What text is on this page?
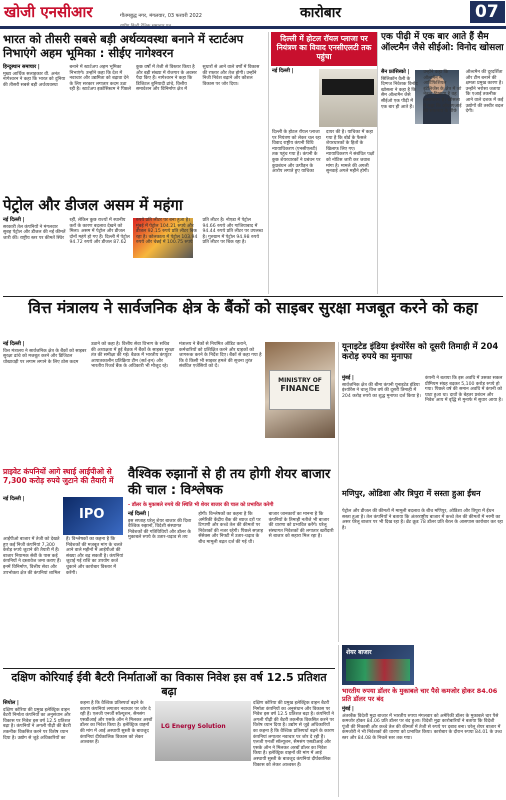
खोजी एनसीआर	गौतमबुद्ध नगर, मंगलवार, 03 फरवरी 2022	कारोबार	07
भारत को तीसरी सबसे बड़ी अर्थव्यवस्था बनाने में स्टार्टअप निभाएंगे अहम भूमिका : सीईए नागेश्वरन
हिन्दुस्थान समाचार |
मुख्य आर्थिक सलाहकार वी. अनंत नागेश्वरन ने कहा कि भारत को दुनिया की तीसरी सबसे बड़ी अर्थव्यवस्था बनाने में स्टार्टअप अहम भूमिका निभाएंगे। उन्होंने कहा कि देश में नवाचार और उद्यमिता को बढ़ावा देने के लिए सरकार लगातार कदम उठा रही है। स्टार्टअप इकोसिस्टम ने पिछले कुछ वर्षों में तेजी से विस्तार किया है और बड़ी संख्या में रोजगार के अवसर पैदा किए हैं। नागेश्वरन ने कहा कि डिजिटल बुनियादी ढांचे, वित्तीय समावेशन और विनिर्माण क्षेत्र में सुधारों से आने वाले वर्षों में विकास की रफ्तार और तेज होगी। उन्होंने निजी निवेश बढ़ाने और कौशल विकास पर जोर दिया।
दिल्ली में होटल रॉयल प्लाजा पर नियंत्रण का विवाद एनसीएलटी तक पहुंचा
नई दिल्ली |
दिल्ली के होटल रॉयल प्लाजा पर नियंत्रण को लेकर चल रहा विवाद राष्ट्रीय कंपनी विधि न्यायाधिकरण (एनसीएलटी) तक पहुंच गया है। कंपनी के कुछ शेयरधारकों ने प्रबंधन पर कुप्रबंधन और उत्पीड़न के आरोप लगाते हुए याचिका दायर की है। याचिका में कहा गया है कि बोर्ड के फैसले शेयरधारकों के हितों के खिलाफ लिए गए। न्यायाधिकरण ने संबंधित पक्षों को नोटिस जारी कर जवाब मांगा है। मामले की अगली सुनवाई अगले महीने होगी।
एक पीढ़ी में एक बार आते हैं सैम ऑल्टमैन जैसे सीईओ: विनोद खोसला
सैन फ्रांसिस्को |
सिलिकॉन वैली के दिग्गज निवेशक विनोद खोसला ने कहा है कि सैम ऑल्टमैन जैसे सीईओ एक पीढ़ी में एक बार ही आते हैं। उन्होंने कहा कि ऑल्टमैन ने आर्टिफिशियल इंटेलिजेंस के क्षेत्र में जो नेतृत्व दिखाया है वह असाधारण है। खोसला ने कहा कि ओपनएआई की सफलता के पीछे ऑल्टमैन की दूरदर्शिता और टीम बनाने की क्षमता प्रमुख कारण है। उन्होंने भरोसा जताया कि एआई तकनीक आने वाले दशक में कई उद्योगों की तस्वीर बदल देगी।
पेट्रोल और डीजल असम में महंगा
नई दिल्ली |
सरकारी तेल कंपनियों ने मंगलवार सुबह पेट्रोल और डीजल की नई कीमतें जारी कीं। राष्ट्रीय स्तर पर कीमतें स्थिर रहीं, लेकिन कुछ राज्यों में स्थानीय करों के कारण बदलाव देखने को मिला। असम में पेट्रोल और डीजल दोनों महंगे हो गए हैं। दिल्ली में पेट्रोल 94.72 रुपये और डीजल 87.62 रुपये प्रति लीटर पर बना हुआ है। मुंबई में पेट्रोल 104.21 रुपये और डीजल 92.15 रुपये प्रति लीटर बिक रहा है। कोलकाता में पेट्रोल 103.94 रुपये और चेन्नई में 100.75 रुपये प्रति लीटर है। नोएडा में पेट्रोल 94.66 रुपये और गाजियाबाद में 94.44 रुपये प्रति लीटर पर उपलब्ध है। गुरुग्राम में पेट्रोल 94.98 रुपये प्रति लीटर पर बिक रहा है।
वित्त मंत्रालय ने सार्वजनिक क्षेत्र के बैंकों को साइबर सुरक्षा मजबूत करने को कहा
नई दिल्ली |
वित्त मंत्रालय ने सार्वजनिक क्षेत्र के बैंकों को साइबर सुरक्षा ढांचे को मजबूत करने और डिजिटल धोखाधड़ी पर लगाम लगाने के लिए ठोस कदम उठाने को कहा है। वित्तीय सेवा विभाग के सचिव की अध्यक्षता में हुई बैठक में बैंकों के साइबर सुरक्षा तंत्र की समीक्षा की गई। बैठक में भारतीय कंप्यूटर आपातकालीन प्रतिक्रिया टीम (सर्ट-इन) और भारतीय रिजर्व बैंक के अधिकारी भी मौजूद रहे। मंत्रालय ने बैंकों से नियमित ऑडिट कराने, कर्मचारियों को प्रशिक्षित करने और ग्राहकों को जागरूक करने के निर्देश दिए। बैंकों से कहा गया है कि वे किसी भी साइबर हमले की सूचना तुरंत संबंधित एजेंसियों को दें।
MINISTRY OF
FINANCE
यूनाइटेड इंडिया इंश्योरेंस को दूसरी तिमाही में 204 करोड़ रुपये का मुनाफा
मुंबई |
सार्वजनिक क्षेत्र की बीमा कंपनी यूनाइटेड इंडिया इंश्योरेंस ने चालू वित्त वर्ष की दूसरी तिमाही में 204 करोड़ रुपये का शुद्ध मुनाफा दर्ज किया है। कंपनी ने बताया कि इस अवधि में उसका सकल प्रीमियम संग्रह बढ़कर 5,100 करोड़ रुपये हो गया। पिछले वर्ष की समान अवधि में कंपनी को घाटा हुआ था। दावों के बेहतर प्रबंधन और निवेश आय में वृद्धि से मुनाफे में सुधार आया है।
मणिपुर, ओडिशा और त्रिपुरा में सस्ता हुआ ईंधन
पेट्रोल और डीजल की कीमतों में मामूली बदलाव के बीच मणिपुर, ओडिशा और त्रिपुरा में ईंधन सस्ता हुआ है। तेल कंपनियों ने बताया कि अंतरराष्ट्रीय बाजार में कच्चे तेल की कीमतों में नरमी का असर घरेलू बाजार पर भी दिख रहा है। ब्रेंट क्रूड 78 डॉलर प्रति बैरल के आसपास कारोबार कर रहा है।
प्राइवेट कंपनियों आगे स्थाई आईपीओ से 7,300 करोड़ रुपये जुटाने की तैयारी में
IPO
नई दिल्ली |
आईपीओ बाजार में तेजी को देखते हुए कई निजी कंपनियां 7,300 करोड़ रुपये जुटाने की तैयारी में हैं। बाजार नियामक सेबी के पास कई कंपनियों ने दस्तावेज जमा कराए हैं। इनमें विनिर्माण, वित्तीय सेवा और उपभोक्ता क्षेत्र की कंपनियां शामिल हैं। विश्लेषकों का कहना है कि निवेशकों की मजबूत मांग के चलते आने वाले महीनों में आईपीओ की संख्या और बढ़ सकती है। कंपनियां जुटाई गई राशि का उपयोग कर्ज चुकाने और कारोबार विस्तार में करेंगी।
वैश्विक रुझानों से ही तय होगी शेयर बाजार की चाल : विश्लेषक
- डॉलर के मुकाबले रुपये की स्थिति भी शेयर बाजार की चाल को प्रभावित करेगी
नई दिल्ली |
इस सप्ताह घरेलू शेयर बाजार की दिशा वैश्विक रुझानों, विदेशी संस्थागत निवेशकों की गतिविधियों और डॉलर के मुकाबले रुपये के उतार-चढ़ाव से तय होगी। विश्लेषकों का कहना है कि अमेरिकी केंद्रीय बैंक की ब्याज दरों पर टिप्पणी और कच्चे तेल की कीमतों पर निवेशकों की नजर रहेगी। पिछले सप्ताह सेंसेक्स और निफ्टी में उतार-चढ़ाव के बीच मामूली बढ़त दर्ज की गई थी। बाजार जानकारों का मानना है कि कंपनियों के तिमाही नतीजे भी बाजार की धारणा को प्रभावित करेंगे। घरेलू संस्थागत निवेशकों की लगातार खरीदारी से बाजार को सहारा मिल रहा है।
शेयर बाजार
भारतीय रुपया डॉलर के मुकाबले चार पैसे कमजोर होकर 84.06 प्रति डॉलर पर बंद
मुंबई |
अंतरबैंक विदेशी मुद्रा बाजार में भारतीय रुपया मंगलवार को अमेरिकी डॉलर के मुकाबले चार पैसे कमजोर होकर 84.06 प्रति डॉलर पर बंद हुआ। विदेशी मुद्रा कारोबारियों ने बताया कि विदेशी पूंजी की निकासी और कच्चे तेल की कीमतों में तेजी से रुपये पर दबाव बना। घरेलू शेयर बाजार में कमजोरी ने भी निवेशकों की धारणा को प्रभावित किया। कारोबार के दौरान रुपया 84.01 के उच्च स्तर और 84.08 के निचले स्तर तक गया।
दक्षिण कोरियाई ईवी बैटरी निर्माताओं का विकास निवेश इस वर्ष 12.5 प्रतिशत बढ़ा
सियोल |
दक्षिण कोरिया की प्रमुख इलेक्ट्रिक वाहन बैटरी निर्माता कंपनियों का अनुसंधान और विकास पर निवेश इस वर्ष 12.5 प्रतिशत बढ़ा है। कंपनियों ने अगली पीढ़ी की बैटरी तकनीक विकसित करने पर विशेष ध्यान दिया है। उद्योग से जुड़े अधिकारियों का कहना है कि वैश्विक प्रतिस्पर्धा बढ़ने के कारण कंपनियां लगातार नवाचार पर जोर दे रही हैं। एलजी एनर्जी सॉल्यूशन, सैमसंग एसडीआई और एसके ऑन ने मिलकर अरबों डॉलर का निवेश किया है। इलेक्ट्रिक वाहनों की मांग में आई अस्थायी सुस्ती के बावजूद कंपनियां दीर्घकालिक विकास को लेकर आश्वस्त हैं।
LG Energy Solution
दक्षिण कोरिया की प्रमुख इलेक्ट्रिक वाहन बैटरी निर्माता कंपनियों का अनुसंधान और विकास पर निवेश इस वर्ष 12.5 प्रतिशत बढ़ा है। कंपनियों ने अगली पीढ़ी की बैटरी तकनीक विकसित करने पर विशेष ध्यान दिया है। उद्योग से जुड़े अधिकारियों का कहना है कि वैश्विक प्रतिस्पर्धा बढ़ने के कारण कंपनियां लगातार नवाचार पर जोर दे रही हैं। एलजी एनर्जी सॉल्यूशन, सैमसंग एसडीआई और एसके ऑन ने मिलकर अरबों डॉलर का निवेश किया है। इलेक्ट्रिक वाहनों की मांग में आई अस्थायी सुस्ती के बावजूद कंपनियां दीर्घकालिक विकास को लेकर आश्वस्त हैं।
